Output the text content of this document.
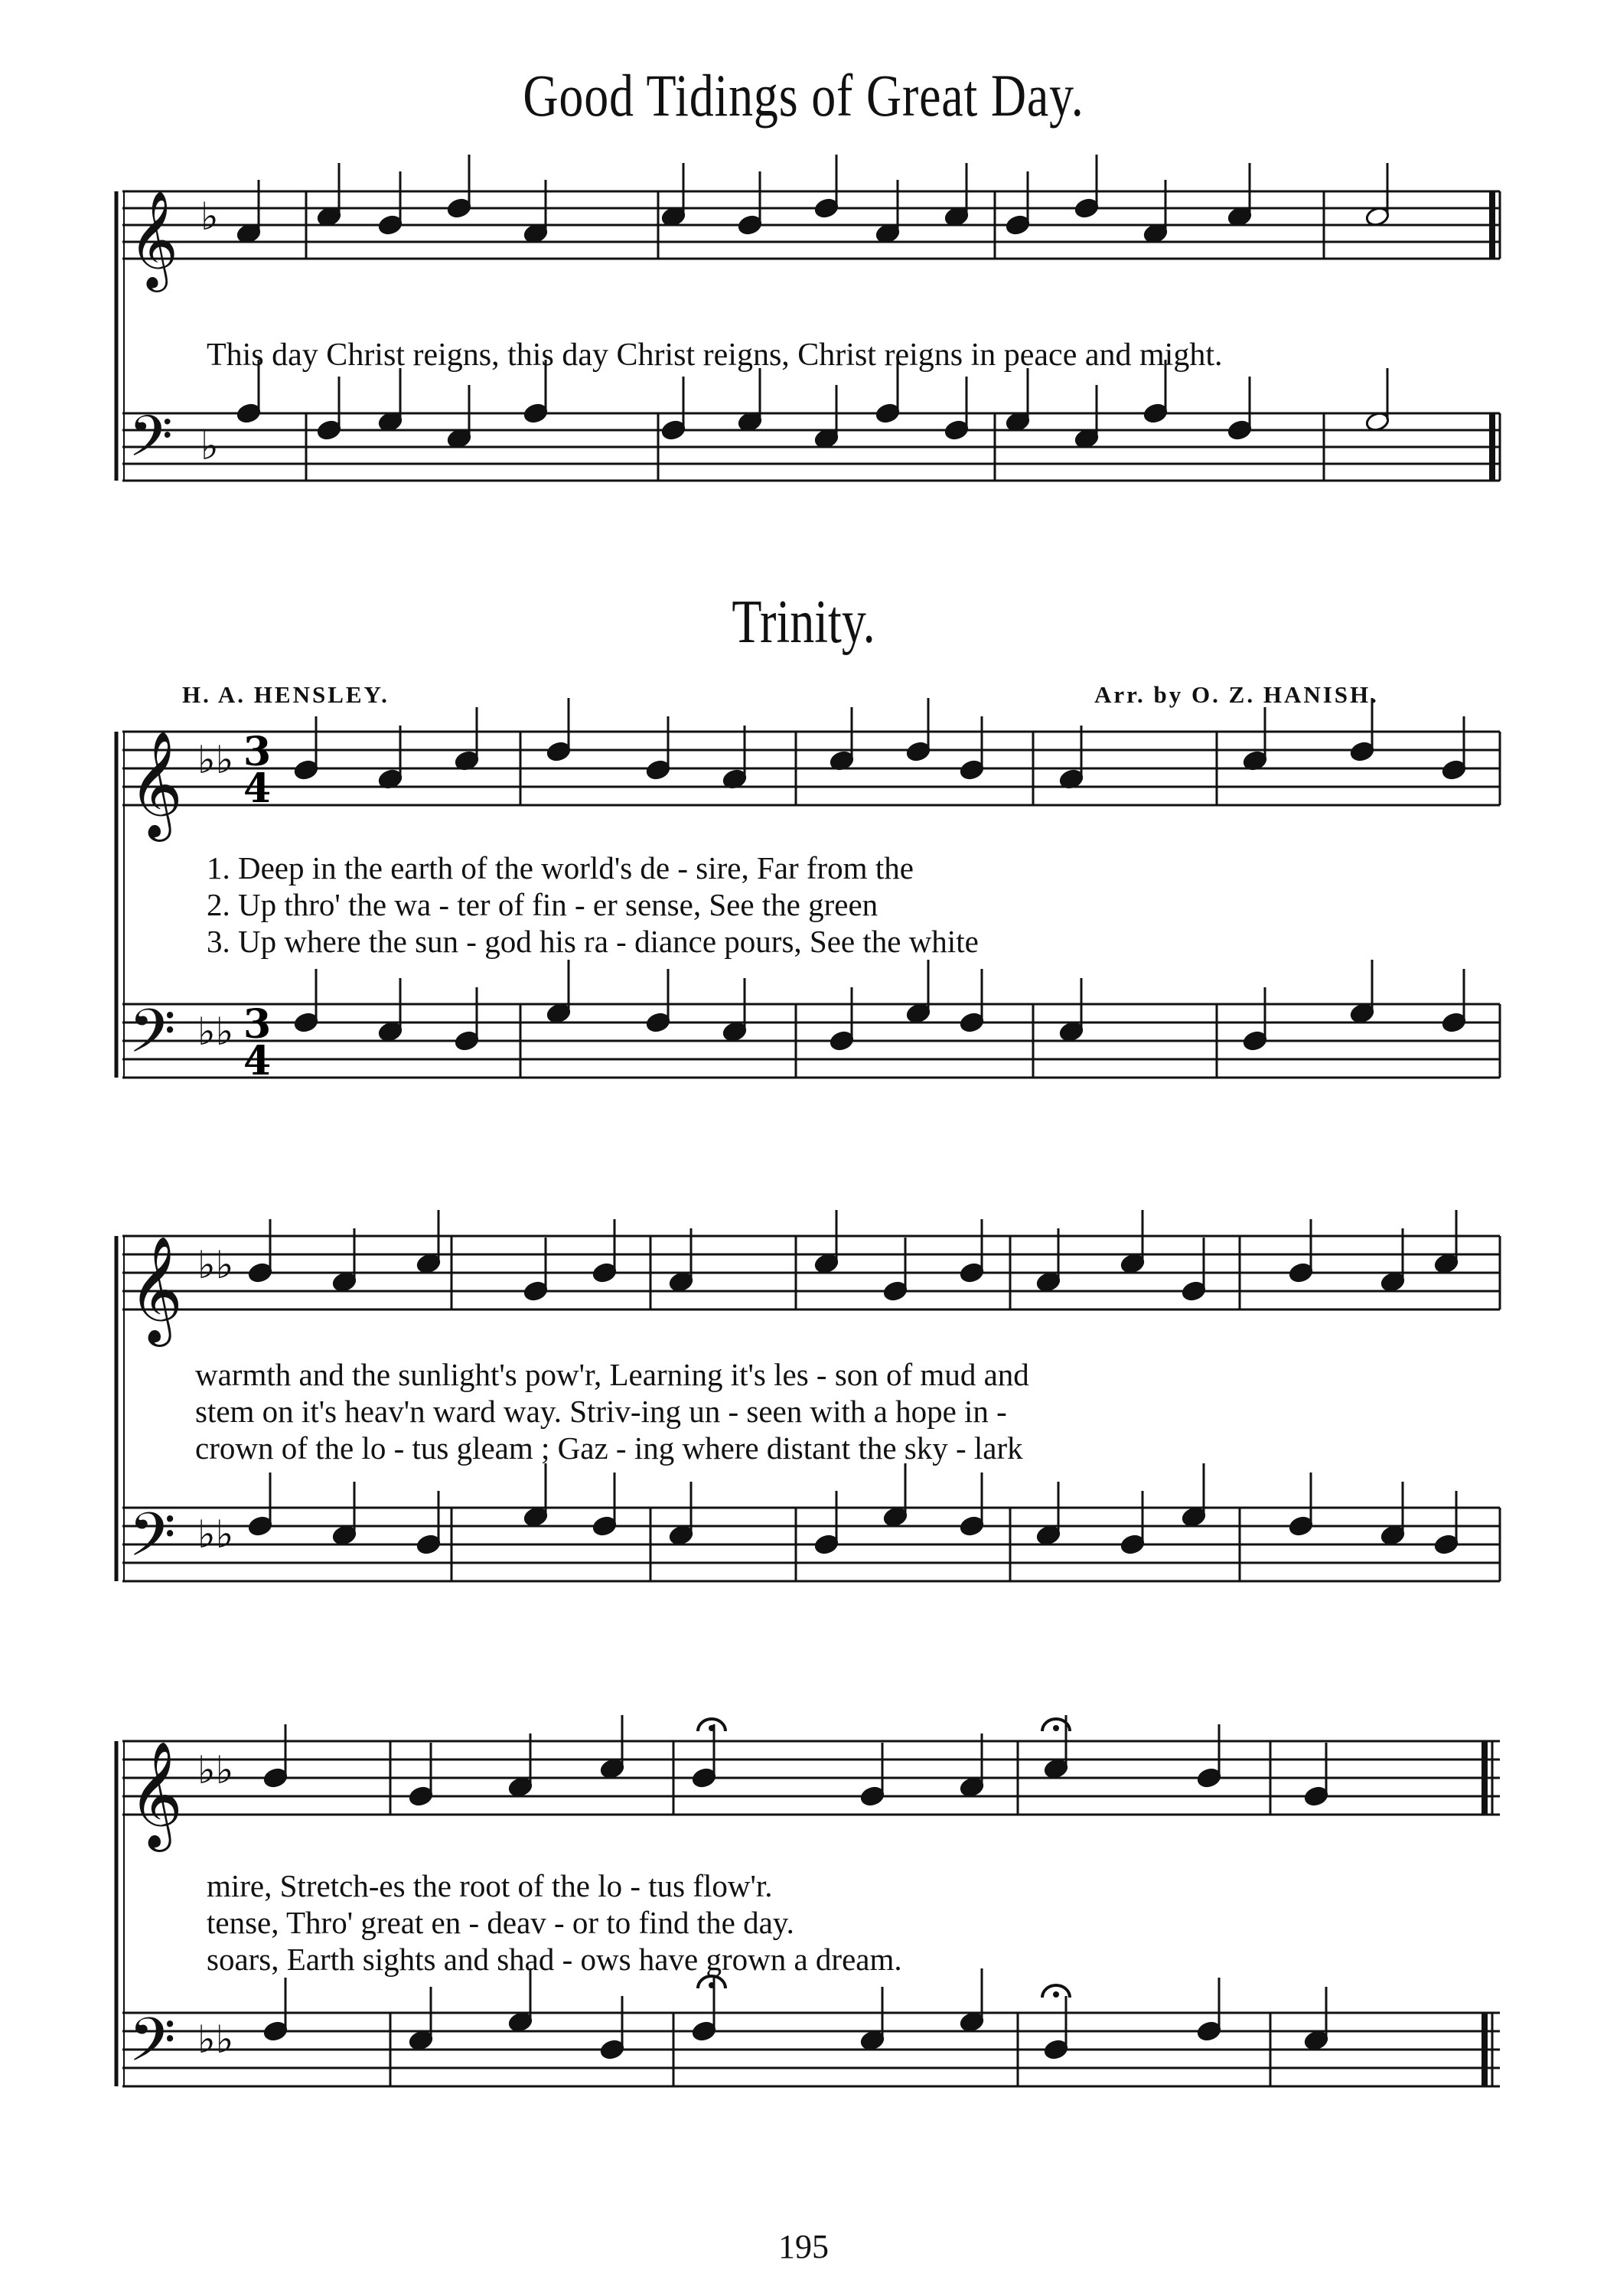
Good Tidings of Great Day.
Trinity.
H. A. HENSLEY.	Arr. by O. Z. HANISH.
This day Christ reigns, this day Christ reigns, Christ reigns in peace and might.
1. Deep in the earth of the world's de - sire, Far from the
2. Up thro' the wa - ter of fin - er sense, See the green
3. Up where the sun - god his ra - diance pours, See the white
warmth and the sunlight's pow'r, Learning it's les - son of mud and
stem on it's heav'n ward way. Striv-ing un - seen with a hope in -
crown of the lo - tus gleam ; Gaz - ing where distant the sky - lark
mire, Stretch-es the root of the lo - tus flow'r.
tense, Thro' great en - deav - or to find the day.
soars, Earth sights and shad - ows have grown a dream.
195
𝄞
𝄢
♭
♭
𝄞
𝄢
♭♭
♭♭
3
4
3
4
𝄞
𝄢
♭♭
♭♭
𝄞
𝄢
♭♭
♭♭
